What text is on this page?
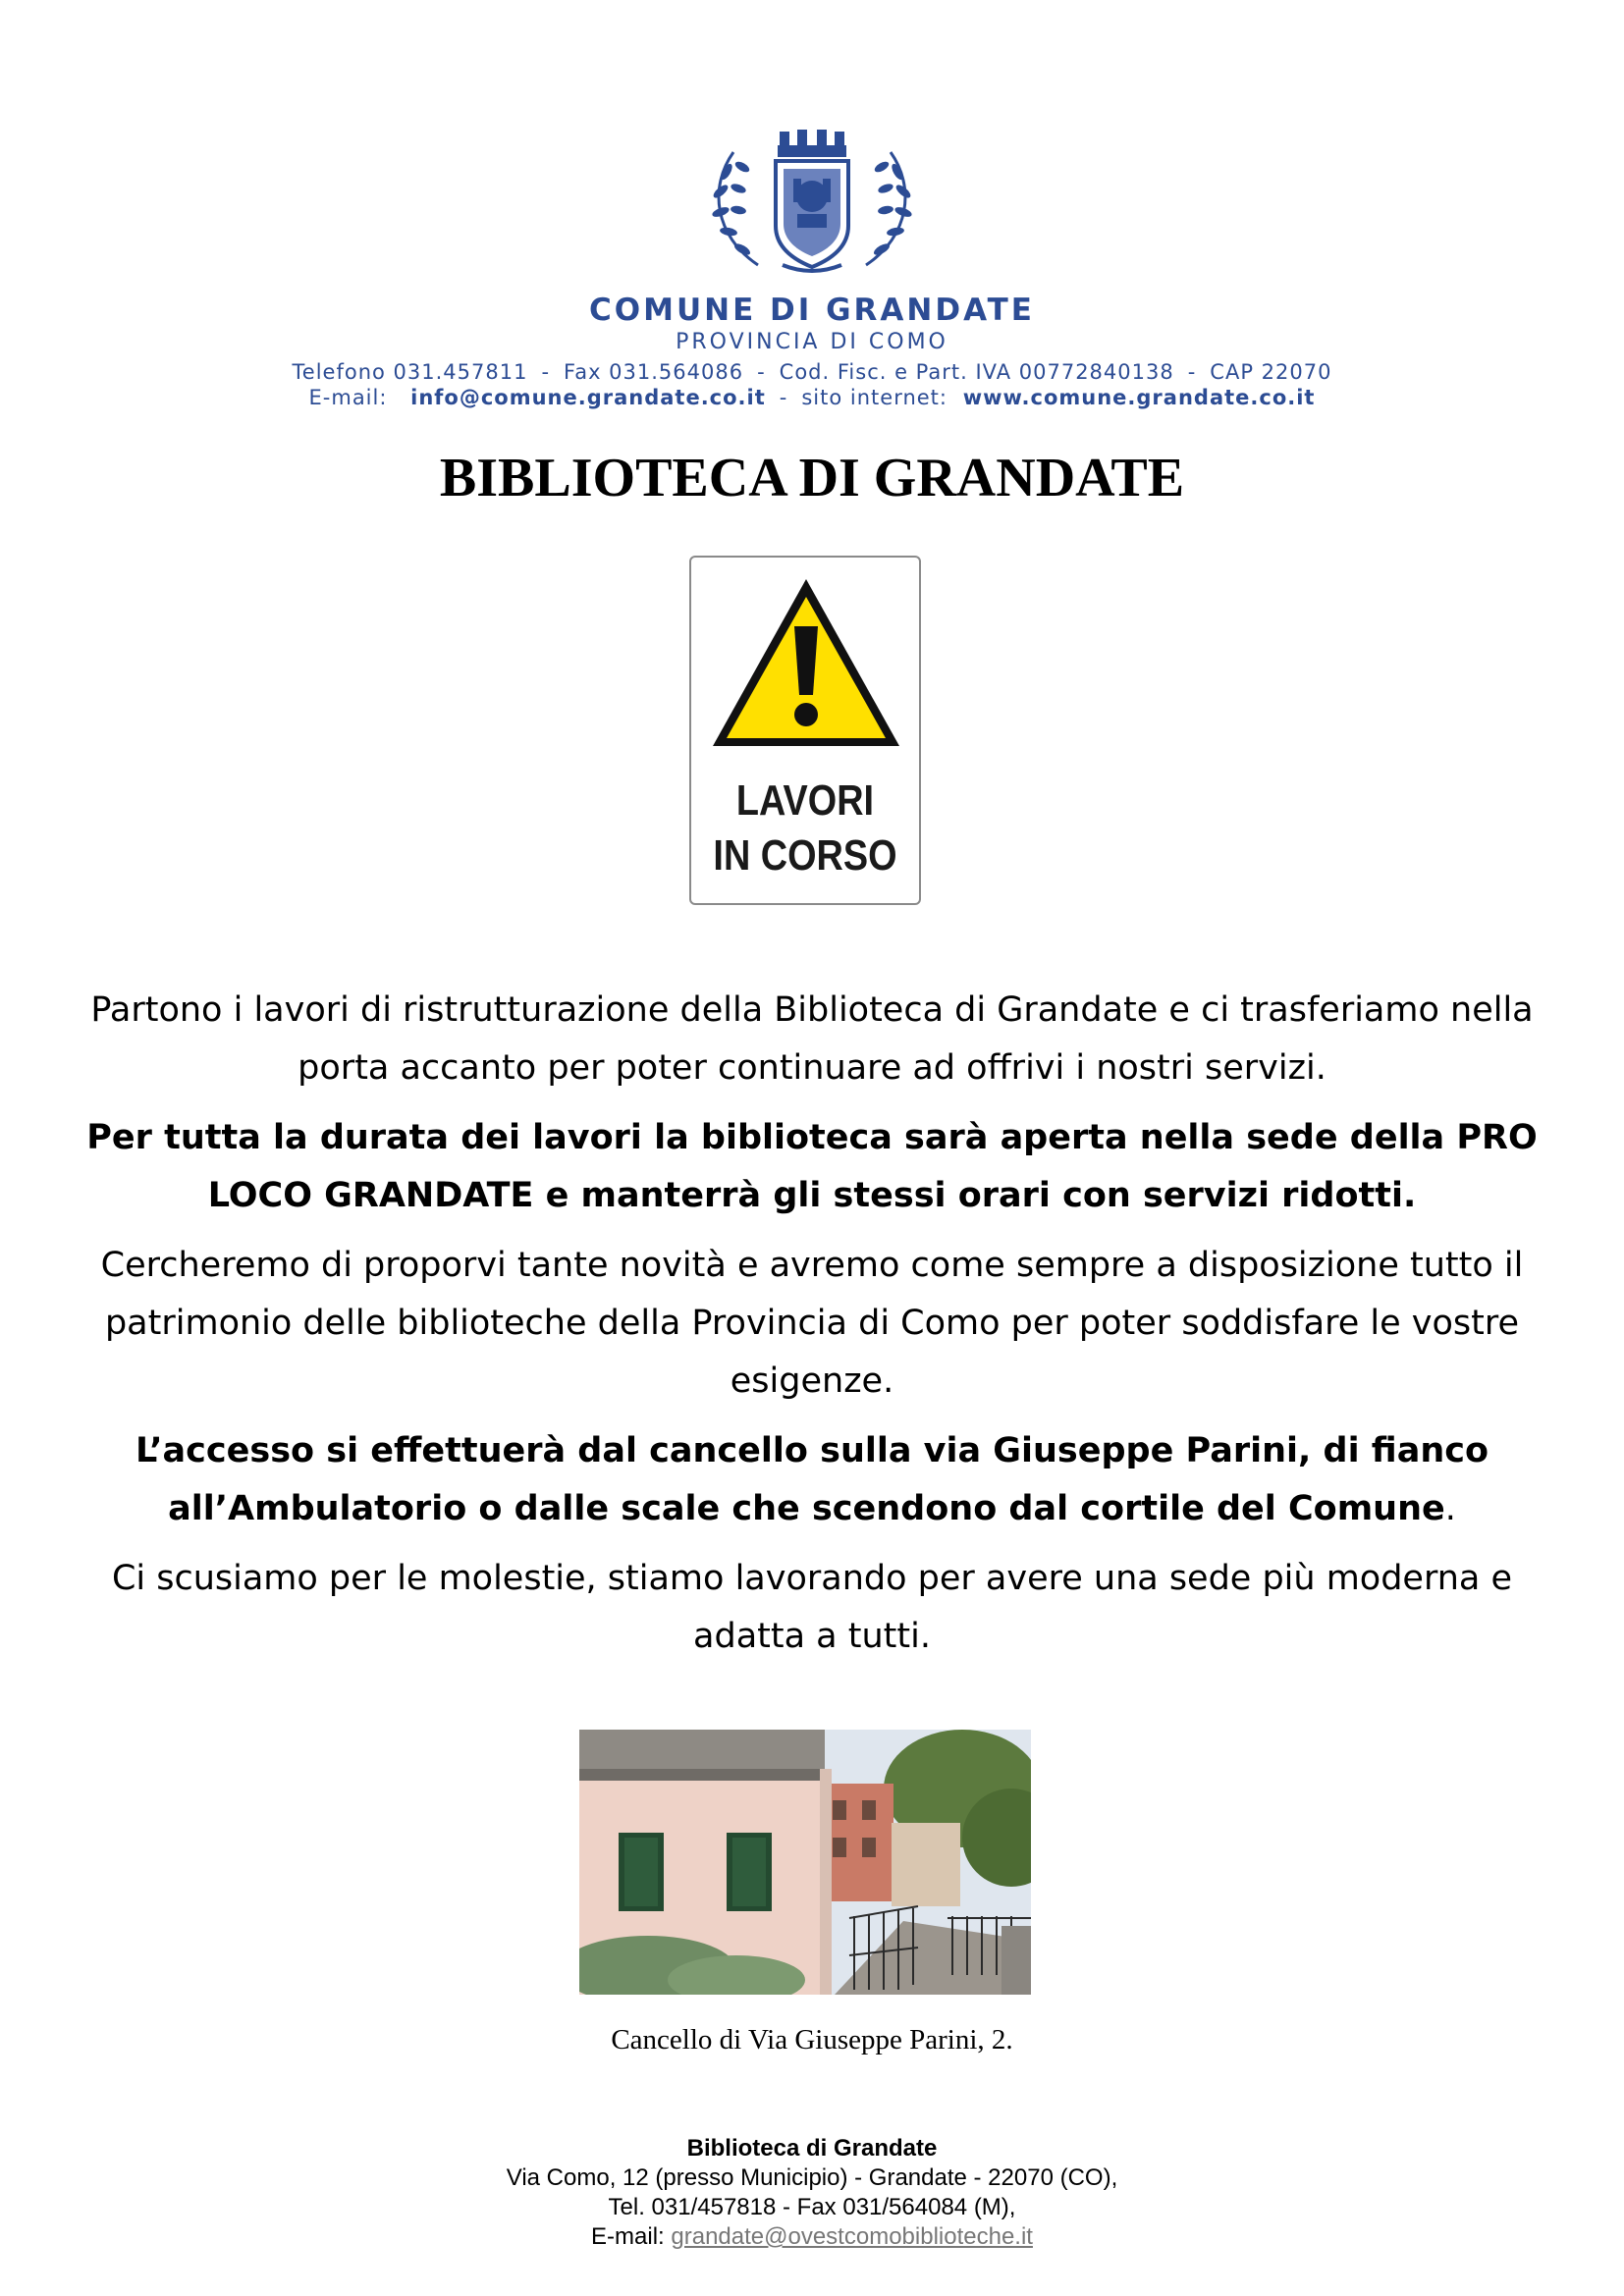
COMUNE DI GRANDATE
PROVINCIA DI COMO
Telefono 031.457811 - Fax 031.564086 - Cod. Fisc. e Part. IVA 00772840138 - CAP 22070
E-mail: info@comune.grandate.co.it - sito internet: www.comune.grandate.co.it
BIBLIOTECA DI GRANDATE
LAVORI
IN CORSO

Partono i lavori di ristrutturazione della Biblioteca di Grandate e ci trasferiamo nella porta accanto per poter continuare ad offrivi i nostri servizi.

Per tutta la durata dei lavori la biblioteca sarà aperta nella sede della PRO LOCO GRANDATE e manterrà gli stessi orari con servizi ridotti.

Cercheremo di proporvi tante novità e avremo come sempre a disposizione tutto il patrimonio delle biblioteche della Provincia di Como per poter soddisfare le vostre esigenze.

L’accesso si effettuerà dal cancello sulla via Giuseppe Parini, di fianco all’Ambulatorio o dalle scale che scendono dal cortile del Comune.

Ci scusiamo per le molestie, stiamo lavorando per avere una sede più moderna e adatta a tutti.

Cancello di Via Giuseppe Parini, 2.
Biblioteca di Grandate
Via Como, 12 (presso Municipio) - Grandate - 22070 (CO),
Tel. 031/457818 - Fax 031/564084 (M),
E-mail: grandate@ovestcomobiblioteche.it
